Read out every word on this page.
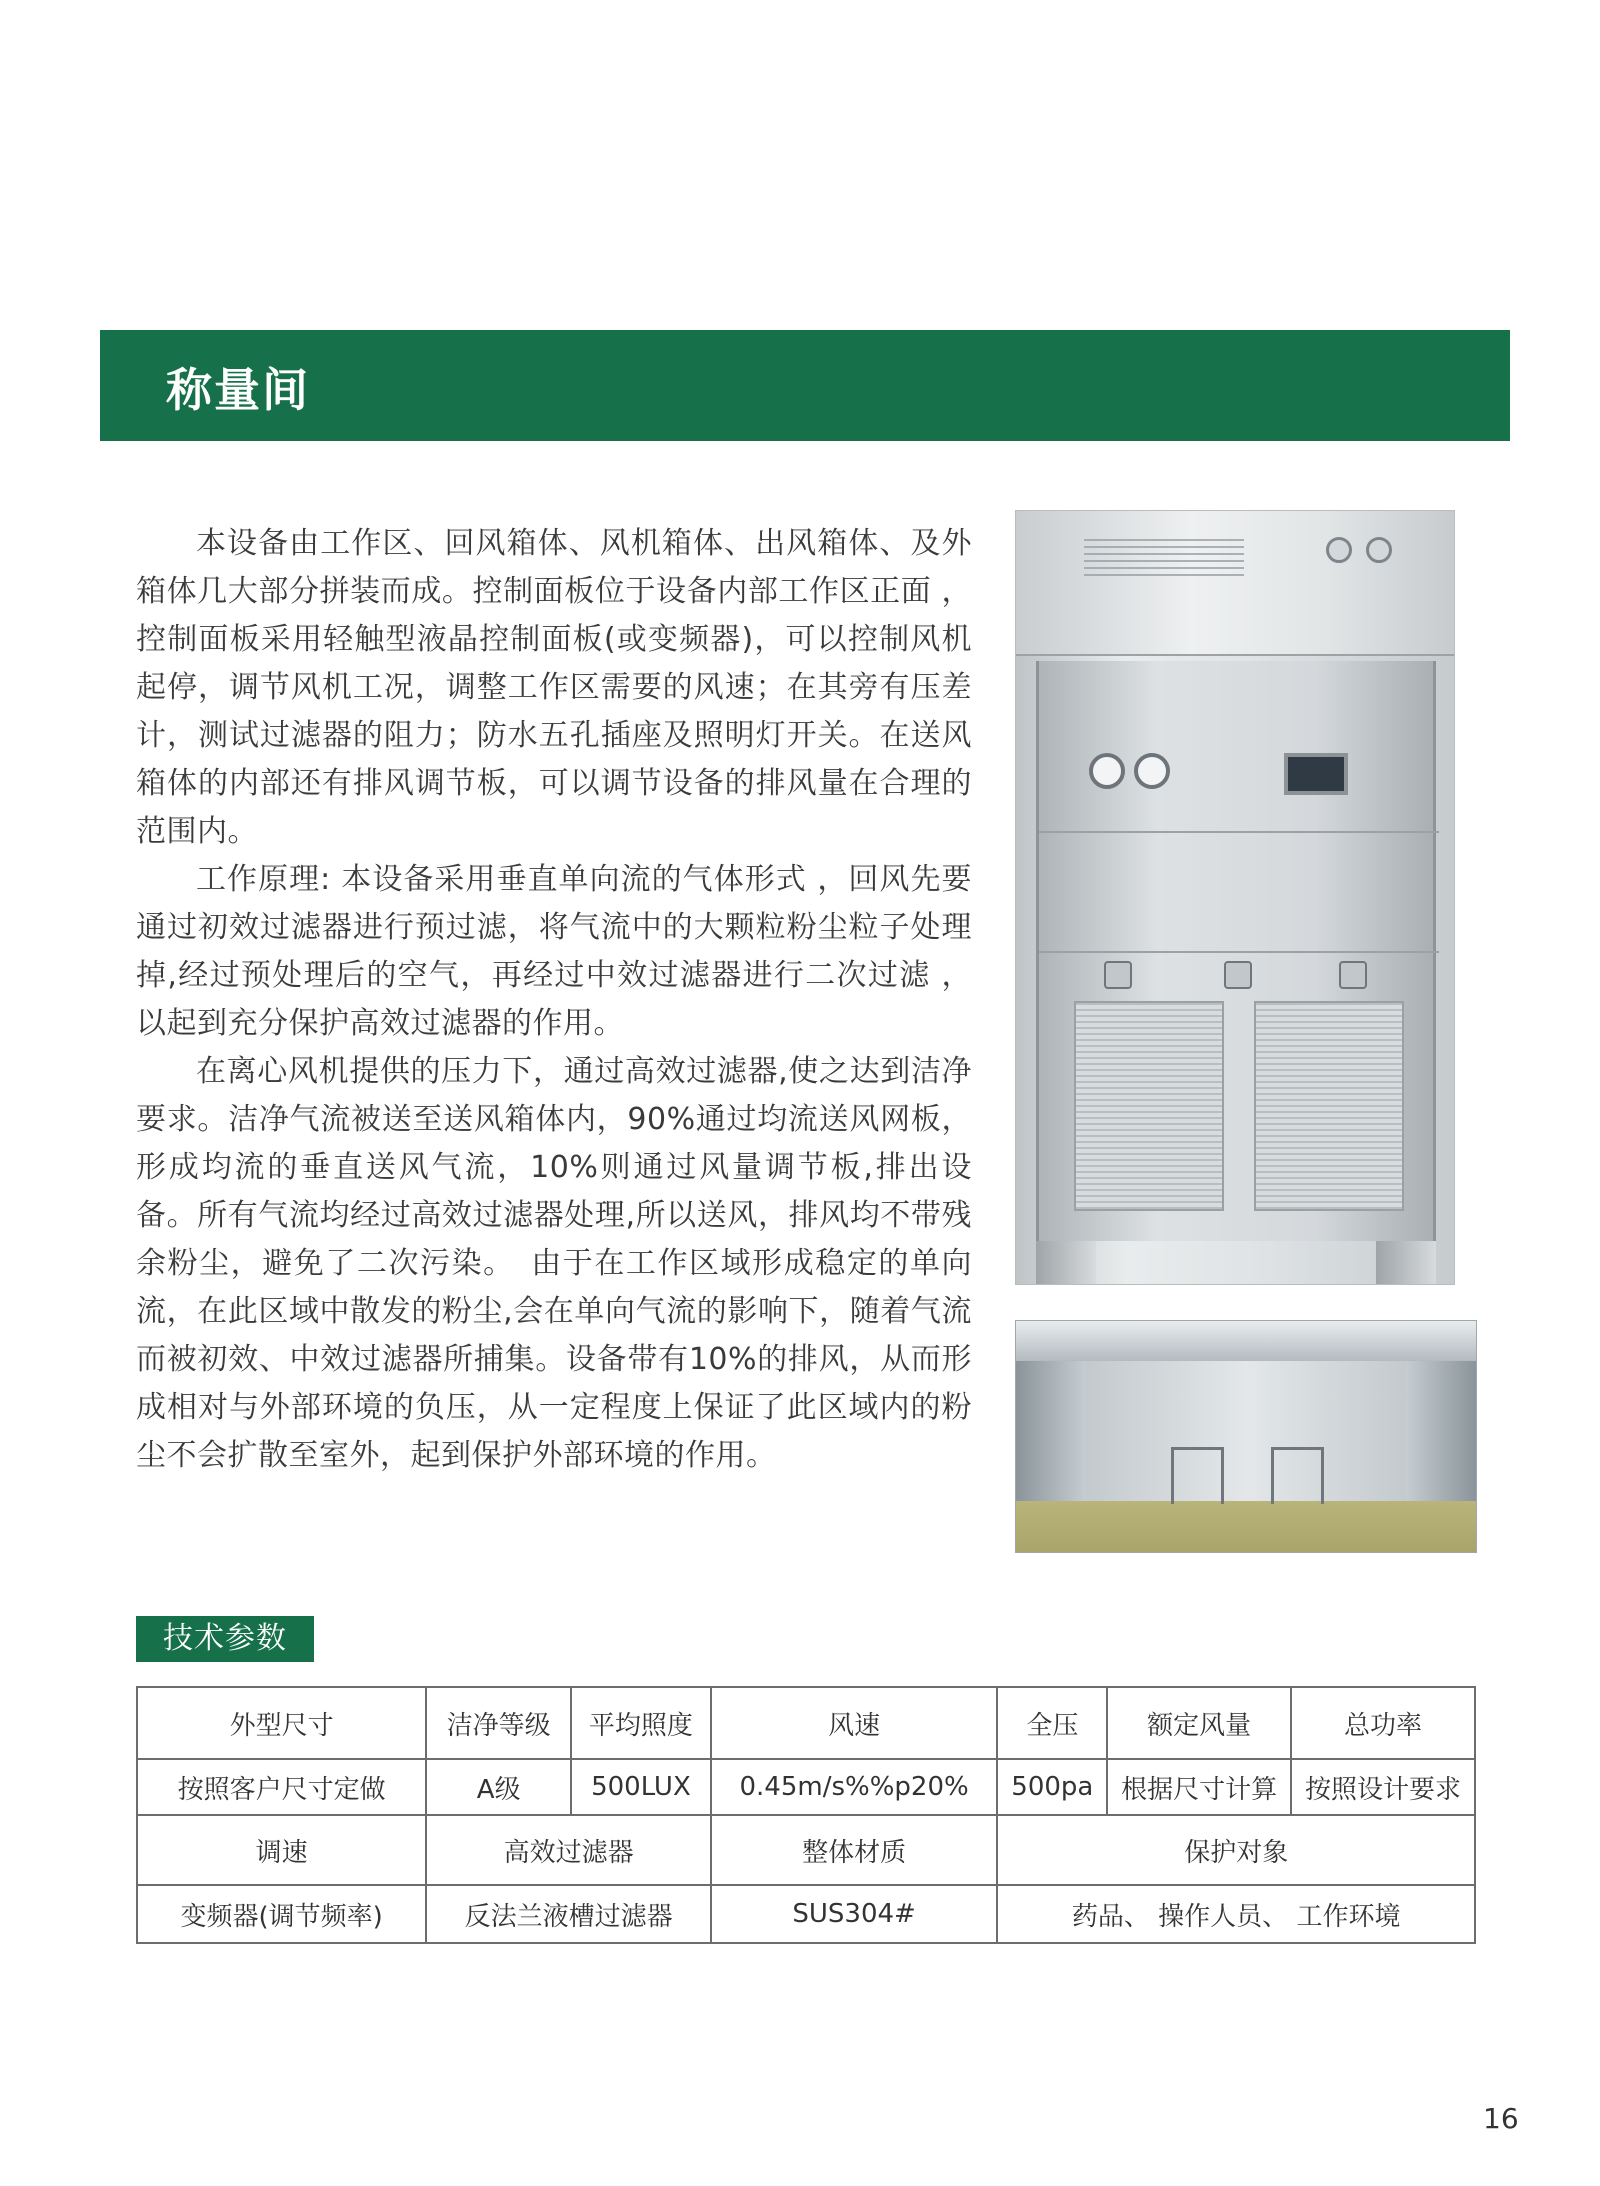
称量间

本设备由工作区、回风箱体、风机箱体、出风箱体、及外箱体几大部分拼装而成。控制面板位于设备内部工作区正面 ，控制面板采用轻触型液晶控制面板(或变频器)，可以控制风机起停，调节风机工况，调整工作区需要的风速；在其旁有压差计，测试过滤器的阻力；防水五孔插座及照明灯开关。在送风箱体的内部还有排风调节板，可以调节设备的排风量在合理的范围内。

工作原理: 本设备采用垂直单向流的气体形式 ，回风先要通过初效过滤器进行预过滤，将气流中的大颗粒粉尘粒子处理掉,经过预处理后的空气，再经过中效过滤器进行二次过滤 ，以起到充分保护高效过滤器的作用。

在离心风机提供的压力下，通过高效过滤器,使之达到洁净要求。洁净气流被送至送风箱体内，90%通过均流送风网板，形成均流的垂直送风气流，10%则通过风量调节板,排出设备。所有气流均经过高效过滤器处理,所以送风，排风均不带残余粉尘，避免了二次污染。　由于在工作区域形成稳定的单向流，在此区域中散发的粉尘,会在单向气流的影响下，随着气流而被初效、中效过滤器所捕集。设备带有10%的排风，从而形成相对与外部环境的负压，从一定程度上保证了此区域内的粉尘不会扩散至室外，起到保护外部环境的作用。

技术参数
外型尺寸	洁净等级	平均照度	风速	全压	额定风量	总功率
按照客户尺寸定做	A级	500LUX	0.45m/s%%p20%	500pa	根据尺寸计算	按照设计要求
调速	高效过滤器		整体材质	保护对象		
变频器(调节频率)	反法兰液槽过滤器		SUS304#	药品、 操作人员、 工作环境		
16
